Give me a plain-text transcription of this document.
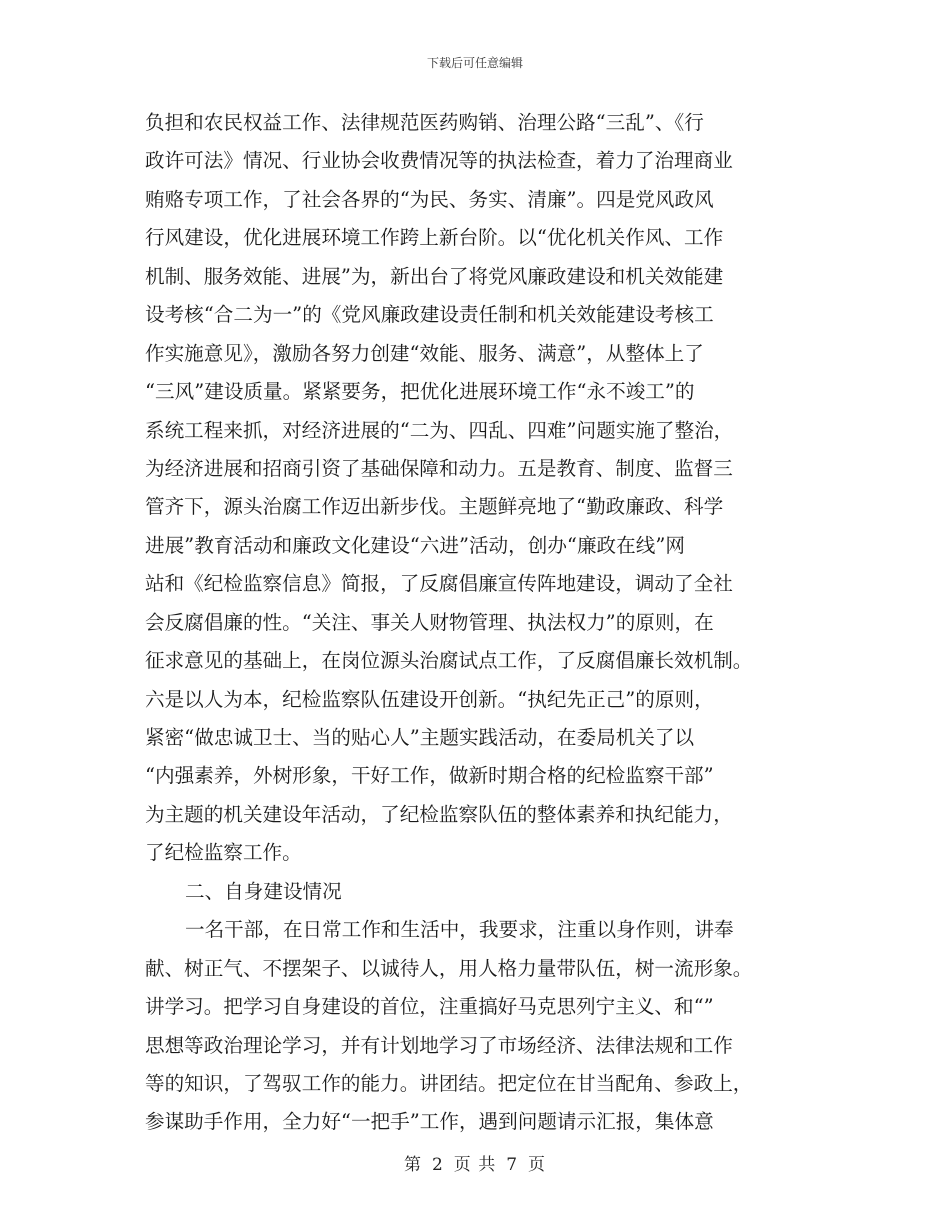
下载后可任意编辑
负担和农民权益工作、法律规范医药购销、治理公路“三乱”、《行
政许可法》情况、行业协会收费情况等的执法检查，着力了治理商业
贿赂专项工作，了社会各界的“为民、务实、清廉”。四是党风政风
行风建设，优化进展环境工作跨上新台阶。以“优化机关作风、工作
机制、服务效能、进展”为，新出台了将党风廉政建设和机关效能建
设考核“合二为一”的《党风廉政建设责任制和机关效能建设考核工
作实施意见》，激励各努力创建“效能、服务、满意”，从整体上了
“三风”建设质量。紧紧要务，把优化进展环境工作“永不竣工”的
系统工程来抓，对经济进展的“二为、四乱、四难”问题实施了整治，
为经济进展和招商引资了基础保障和动力。五是教育、制度、监督三
管齐下，源头治腐工作迈出新步伐。主题鲜亮地了“勤政廉政、科学
进展”教育活动和廉政文化建设“六进”活动，创办“廉政在线”网
站和《纪检监察信息》简报，了反腐倡廉宣传阵地建设，调动了全社
会反腐倡廉的性。“关注、事关人财物管理、执法权力”的原则，在
征求意见的基础上，在岗位源头治腐试点工作，了反腐倡廉长效机制。
六是以人为本，纪检监察队伍建设开创新。“执纪先正己”的原则，
紧密“做忠诚卫士、当的贴心人”主题实践活动，在委局机关了以
“内强素养，外树形象，干好工作，做新时期合格的纪检监察干部”
为主题的机关建设年活动，了纪检监察队伍的整体素养和执纪能力，
了纪检监察工作。
二、自身建设情况
一名干部，在日常工作和生活中，我要求，注重以身作则，讲奉
献、树正气、不摆架子、以诚待人，用人格力量带队伍，树一流形象。
讲学习。把学习自身建设的首位，注重搞好马克思列宁主义、和“”
思想等政治理论学习，并有计划地学习了市场经济、法律法规和工作
等的知识，了驾驭工作的能力。讲团结。把定位在甘当配角、参政上，
参谋助手作用，全力好“一把手”工作，遇到问题请示汇报，集体意
第 2 页 共 7 页
